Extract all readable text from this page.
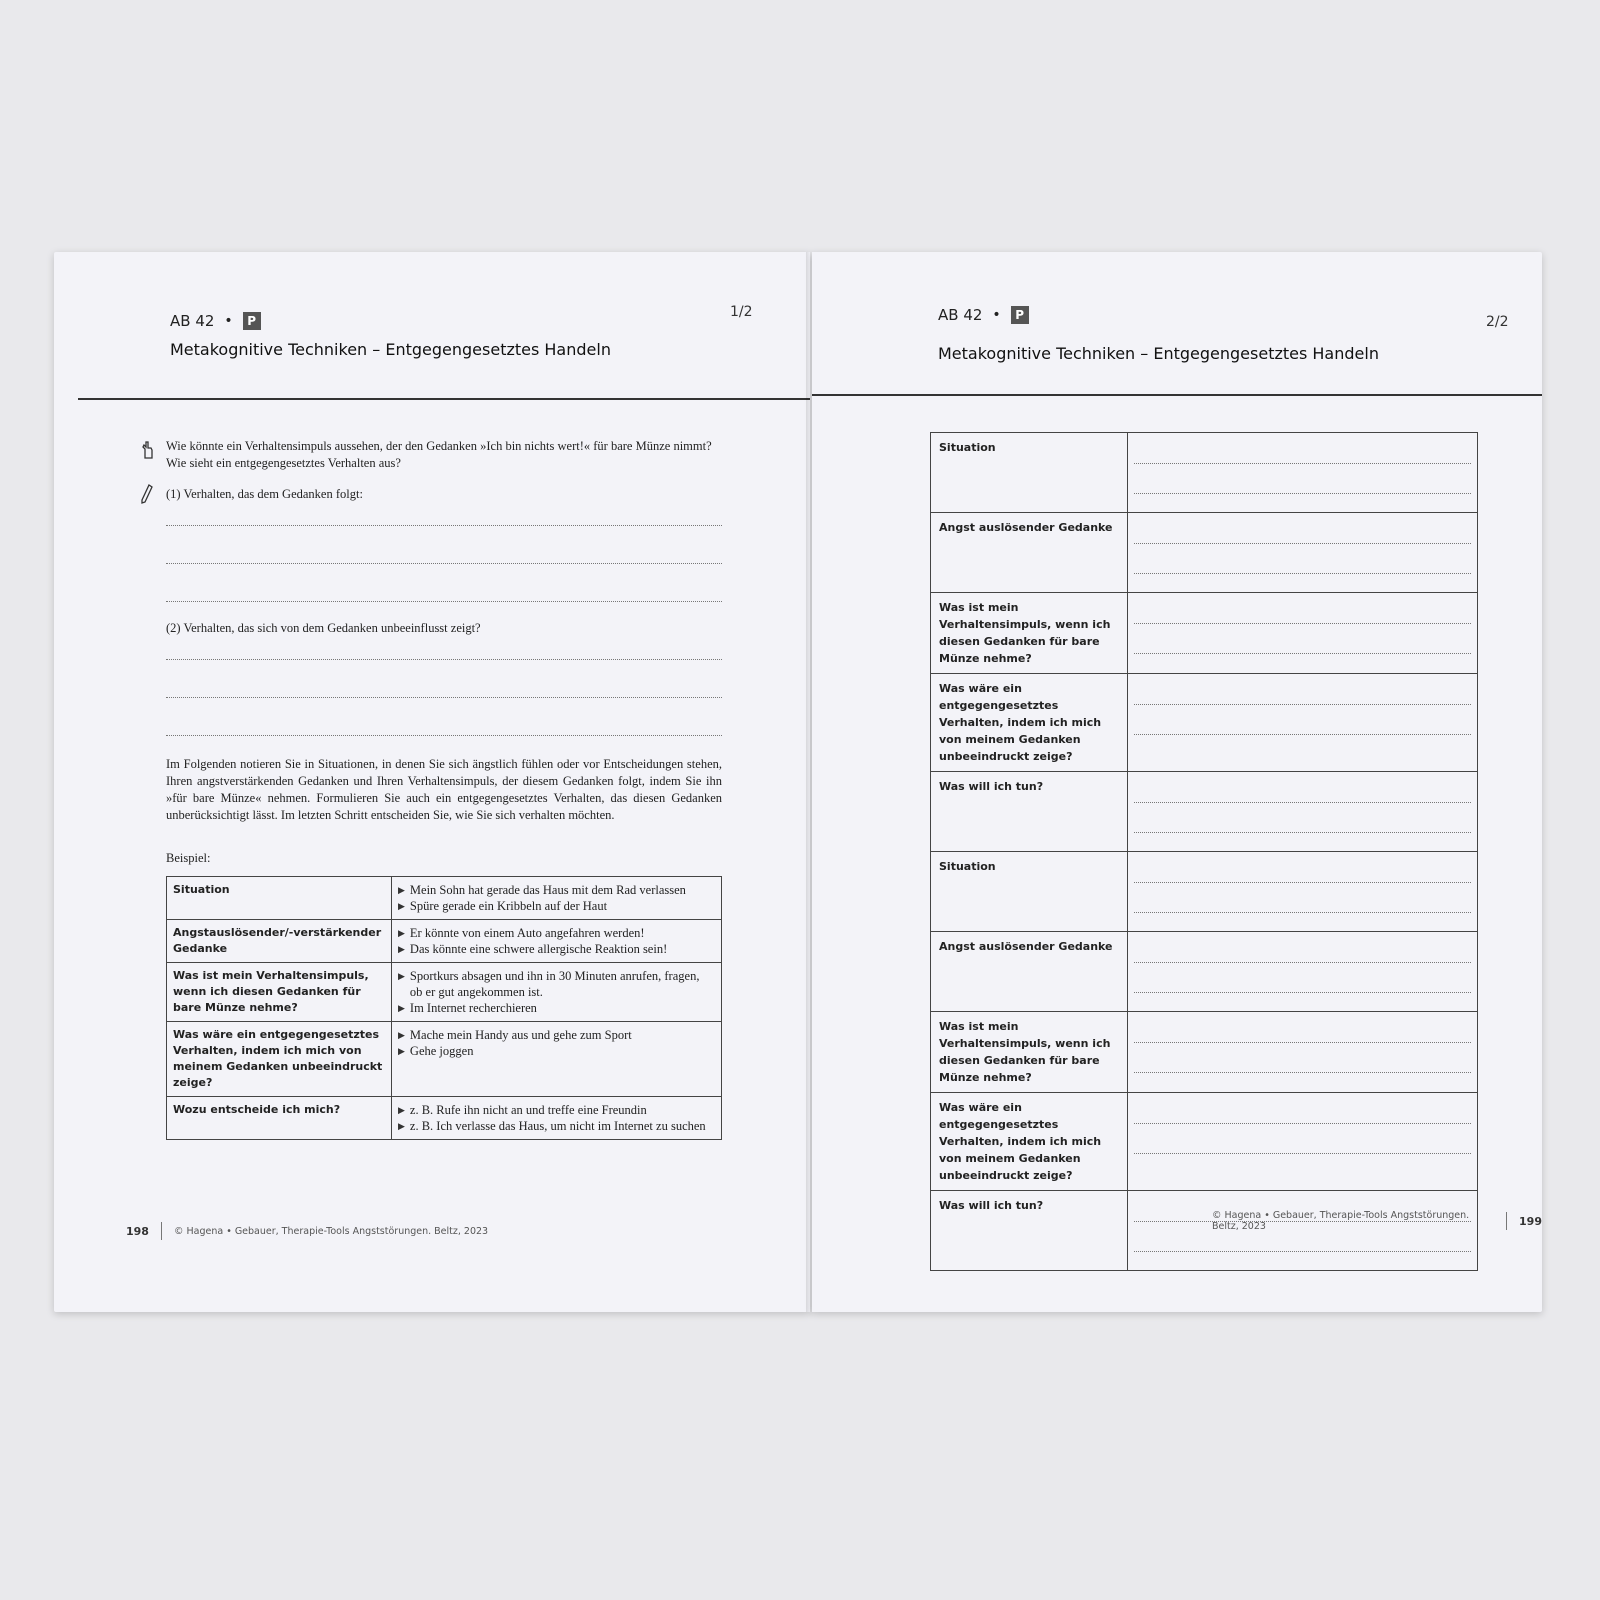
AB 42 •	P
1/2
Metakognitive Techniken – Entgegengesetztes Handeln
Wie könnte ein Verhaltensimpuls aussehen, der den Gedanken »Ich bin nichts wert!« für bare Münze nimmt? Wie sieht ein entgegengesetztes Verhalten aus?
(1) Verhalten, das dem Gedanken folgt:
(2) Verhalten, das sich von dem Gedanken unbeeinflusst zeigt?
Im Folgenden notieren Sie in Situationen, in denen Sie sich ängstlich fühlen oder vor Entscheidungen stehen, Ihren angstverstärkenden Gedanken und Ihren Verhaltensimpuls, der diesem Gedanken folgt, indem Sie ihn »für bare Münze« nehmen. Formulieren Sie auch ein entgegengesetztes Verhalten, das diesen Gedanken unberücksichtigt lässt. Im letzten Schritt entscheiden Sie, wie Sie sich verhalten möchten.
Beispiel:
Situation	▶ Mein Sohn hat gerade das Haus mit dem Rad verlassen
▶ Spüre gerade ein Kribbeln auf der Haut

Angstauslösender/-verstärkender Gedanke	▶ Er könnte von einem Auto angefahren werden!
▶ Das könnte eine schwere allergische Reaktion sein!

Was ist mein Verhaltensimpuls, wenn ich diesen Gedanken für bare Münze nehme?	▶ Sportkurs absagen und ihn in 30 Minuten anrufen, fragen, ob er gut angekommen ist.
▶ Im Internet recherchieren

Was wäre ein entgegengesetztes Verhalten, indem ich mich von meinem Gedanken unbeeindruckt zeige?	▶ Mache mein Handy aus und gehe zum Sport
▶ Gehe joggen

Wozu entscheide ich mich?	▶ z. B. Rufe ihn nicht an und treffe eine Freundin
▶ z. B. Ich verlasse das Haus, um nicht im Internet zu suchen
198	© Hagena • Gebauer, Therapie-Tools Angststörungen. Beltz, 2023
AB 42 •	P	2/2
Metakognitive Techniken – Entgegengesetztes Handeln
Situation	

Angst auslösender Gedanke	

Was ist mein Verhaltensimpuls, wenn ich diesen Gedanken für bare Münze nehme?	

Was wäre ein entgegengesetztes Verhalten, indem ich mich von meinem Gedanken unbeeindruckt zeige?	

Was will ich tun?	

Situation	

Angst auslösender Gedanke	

Was ist mein Verhaltensimpuls, wenn ich diesen Gedanken für bare Münze nehme?	

Was wäre ein entgegengesetztes Verhalten, indem ich mich von meinem Gedanken unbeeindruckt zeige?	

Was will ich tun?	
© Hagena • Gebauer, Therapie-Tools Angststörungen. Beltz, 2023	199
